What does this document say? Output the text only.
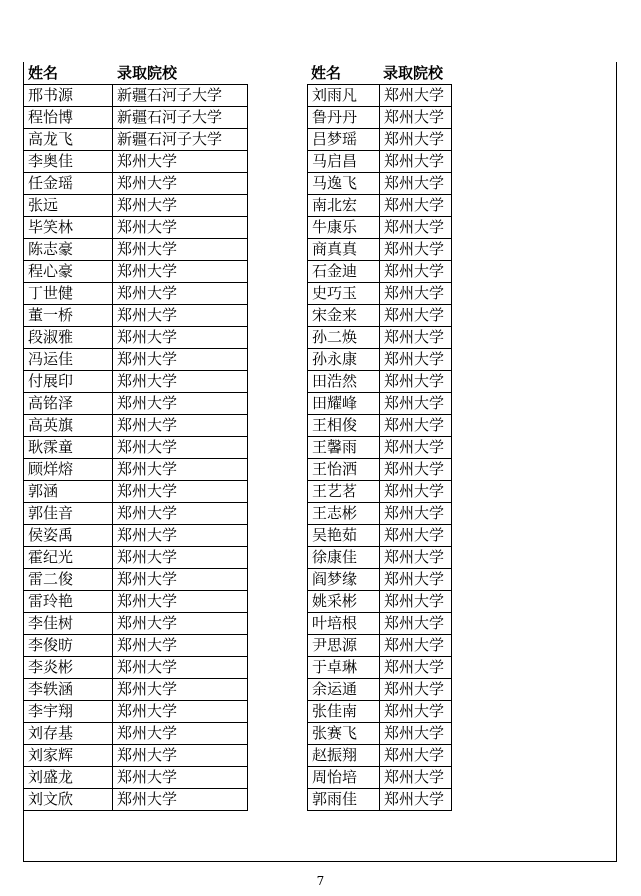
姓名	录取院校	姓名	录取院校
邢书源	新疆石河子大学
程怡博	新疆石河子大学
高龙飞	新疆石河子大学
李奥佳	郑州大学
任金瑶	郑州大学
张远	郑州大学
毕笑林	郑州大学
陈志豪	郑州大学
程心豪	郑州大学
丁世健	郑州大学
董一桥	郑州大学
段淑雅	郑州大学
冯运佳	郑州大学
付展印	郑州大学
高铭泽	郑州大学
高英旗	郑州大学
耿霂童	郑州大学
顾烊熔	郑州大学
郭涵	郑州大学
郭佳音	郑州大学
侯姿禹	郑州大学
霍纪光	郑州大学
雷二俊	郑州大学
雷玲艳	郑州大学
李佳树	郑州大学
李俊昉	郑州大学
李炎彬	郑州大学
李轶涵	郑州大学
李宇翔	郑州大学
刘存基	郑州大学
刘家辉	郑州大学
刘盛龙	郑州大学
刘文欣	郑州大学
刘雨凡	郑州大学
鲁丹丹	郑州大学
吕梦瑶	郑州大学
马启昌	郑州大学
马逸飞	郑州大学
南北宏	郑州大学
牛康乐	郑州大学
商真真	郑州大学
石金迪	郑州大学
史巧玉	郑州大学
宋金来	郑州大学
孙二焕	郑州大学
孙永康	郑州大学
田浩然	郑州大学
田耀峰	郑州大学
王相俊	郑州大学
王馨雨	郑州大学
王怡洒	郑州大学
王艺茗	郑州大学
王志彬	郑州大学
吴艳茹	郑州大学
徐康佳	郑州大学
阎梦缘	郑州大学
姚采彬	郑州大学
叶培根	郑州大学
尹思源	郑州大学
于卓琳	郑州大学
余运通	郑州大学
张佳南	郑州大学
张赛飞	郑州大学
赵振翔	郑州大学
周怡培	郑州大学
郭雨佳	郑州大学
7
